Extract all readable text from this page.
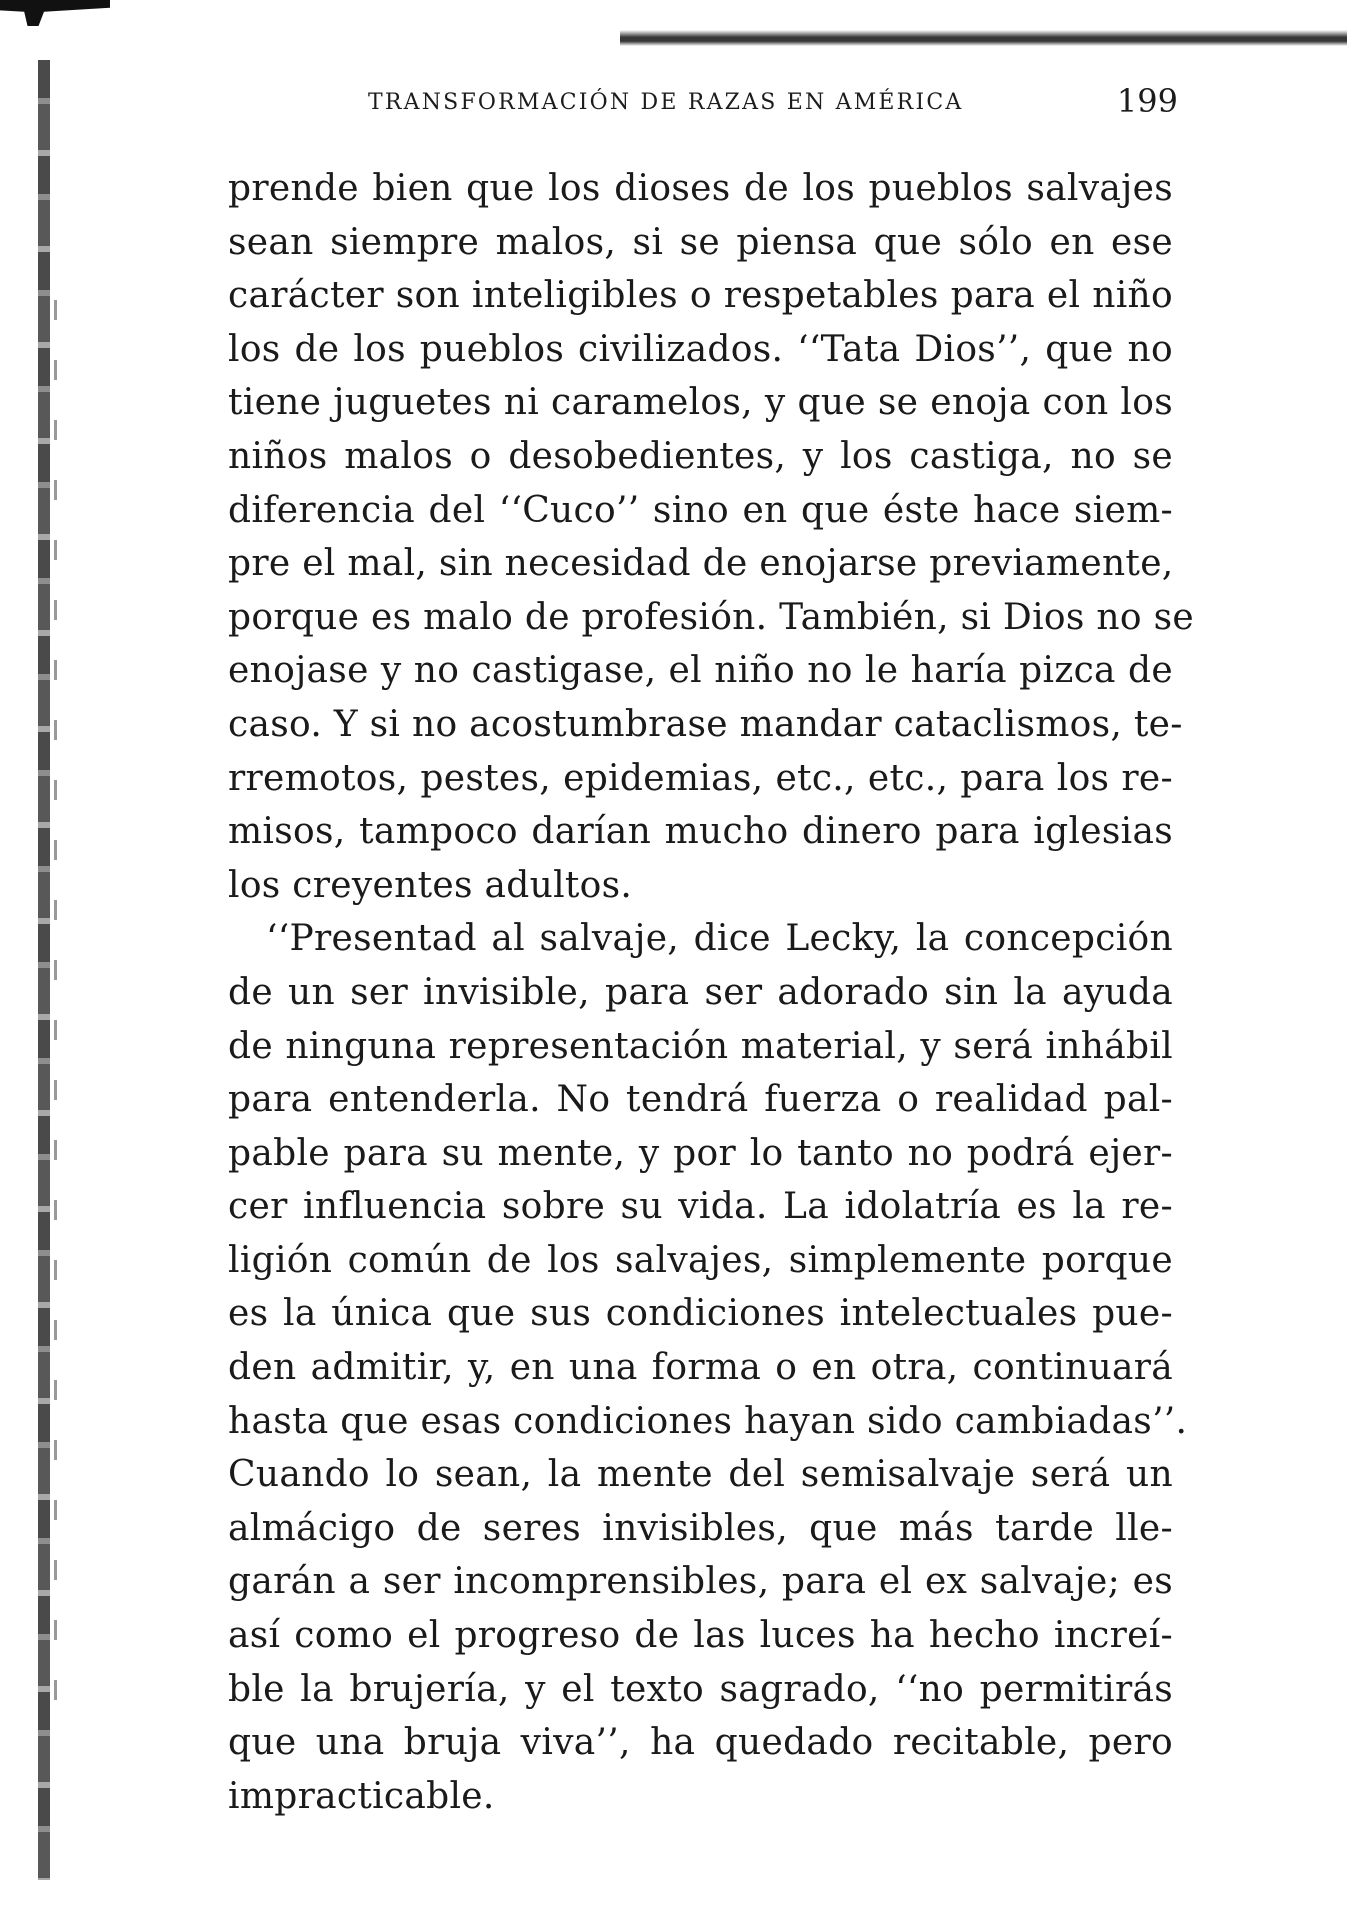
TRANSFORMACIÓN DE RAZAS EN AMÉRICA	199
prende bien que los dioses de los pueblos salvajes
sean siempre malos, si se piensa que sólo en ese
carácter son inteligibles o respetables para el niño
los de los pueblos civilizados. ‘‘Tata Dios’’, que no
tiene juguetes ni caramelos, y que se enoja con los
niños malos o desobedientes, y los castiga, no se
diferencia del ‘‘Cuco’’ sino en que éste hace siem-
pre el mal, sin necesidad de enojarse previamente,
porque es malo de profesión. También, si Dios no se
enojase y no castigase, el niño no le haría pizca de
caso. Y si no acostumbrase mandar cataclismos, te-
rremotos, pestes, epidemias, etc., etc., para los re-
misos, tampoco darían mucho dinero para iglesias
los creyentes adultos.
‘‘Presentad al salvaje, dice Lecky, la concepción
de un ser invisible, para ser adorado sin la ayuda
de ninguna representación material, y será inhábil
para entenderla. No tendrá fuerza o realidad pal-
pable para su mente, y por lo tanto no podrá ejer-
cer influencia sobre su vida. La idolatría es la re-
ligión común de los salvajes, simplemente porque
es la única que sus condiciones intelectuales pue-
den admitir, y, en una forma o en otra, continuará
hasta que esas condiciones hayan sido cambiadas’’.
Cuando lo sean, la mente del semisalvaje será un
almácigo de seres invisibles, que más tarde lle-
garán a ser incomprensibles, para el ex salvaje; es
así como el progreso de las luces ha hecho increí-
ble la brujería, y el texto sagrado, ‘‘no permitirás
que una bruja viva’’, ha quedado recitable, pero
impracticable.
